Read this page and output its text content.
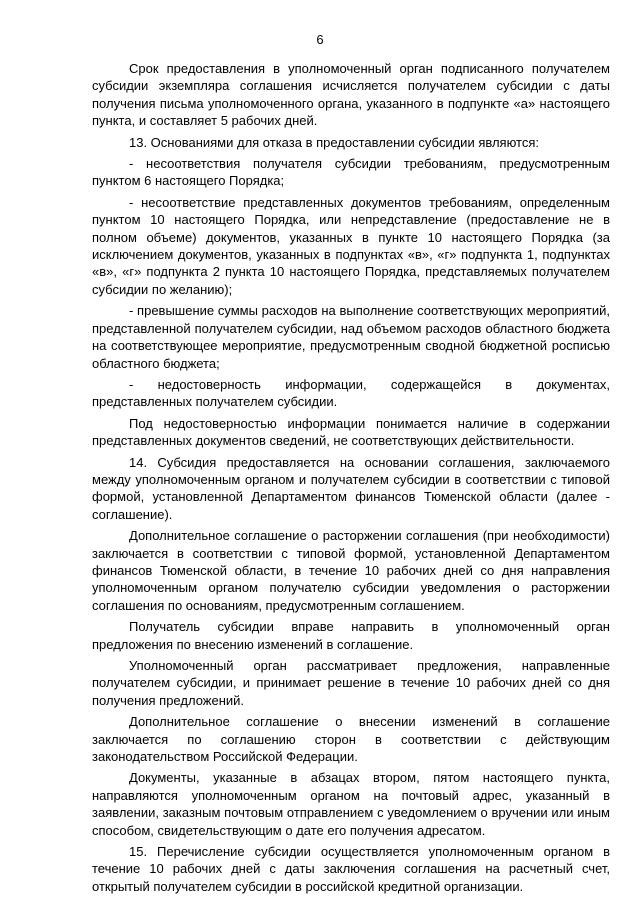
6

Срок предоставления в уполномоченный орган подписанного получателем субсидии экземпляра соглашения исчисляется получателем субсидии с даты получения письма уполномоченного органа, указанного в подпункте «а» настоящего пункта, и составляет 5 рабочих дней.

13. Основаниями для отказа в предоставлении субсидии являются:

- несоответствия получателя субсидии требованиям, предусмотренным пунктом 6 настоящего Порядка;

- несоответствие представленных документов требованиям, определенным пунктом 10 настоящего Порядка, или непредставление (предоставление не в полном объеме) документов, указанных в пункте 10 настоящего Порядка (за исключением документов, указанных в подпунктах «в», «г» подпункта 1, подпунктах «в», «г» подпункта 2 пункта 10 настоящего Порядка, представляемых получателем субсидии по желанию);

- превышение суммы расходов на выполнение соответствующих мероприятий, представленной получателем субсидии, над объемом расходов областного бюджета на соответствующее мероприятие, предусмотренным сводной бюджетной росписью областного бюджета;

- недостоверность информации, содержащейся в документах, представленных получателем субсидии.

Под недостоверностью информации понимается наличие в содержании представленных документов сведений, не соответствующих действительности.

14. Субсидия предоставляется на основании соглашения, заключаемого между уполномоченным органом и получателем субсидии в соответствии с типовой формой, установленной Департаментом финансов Тюменской области (далее - соглашение).

Дополнительное соглашение о расторжении соглашения (при необходимости) заключается в соответствии с типовой формой, установленной Департаментом финансов Тюменской области, в течение 10 рабочих дней со дня направления уполномоченным органом получателю субсидии уведомления о расторжении соглашения по основаниям, предусмотренным соглашением.

Получатель субсидии вправе направить в уполномоченный орган предложения по внесению изменений в соглашение.

Уполномоченный орган рассматривает предложения, направленные получателем субсидии, и принимает решение в течение 10 рабочих дней со дня получения предложений.

Дополнительное соглашение о внесении изменений в соглашение заключается по соглашению сторон в соответствии с действующим законодательством Российской Федерации.

Документы, указанные в абзацах втором, пятом настоящего пункта, направляются уполномоченным органом на почтовый адрес, указанный в заявлении, заказным почтовым отправлением с уведомлением о вручении или иным способом, свидетельствующим о дате его получения адресатом.

15. Перечисление субсидии осуществляется уполномоченным органом в течение 10 рабочих дней с даты заключения соглашения на расчетный счет, открытый получателем субсидии в российской кредитной организации.
